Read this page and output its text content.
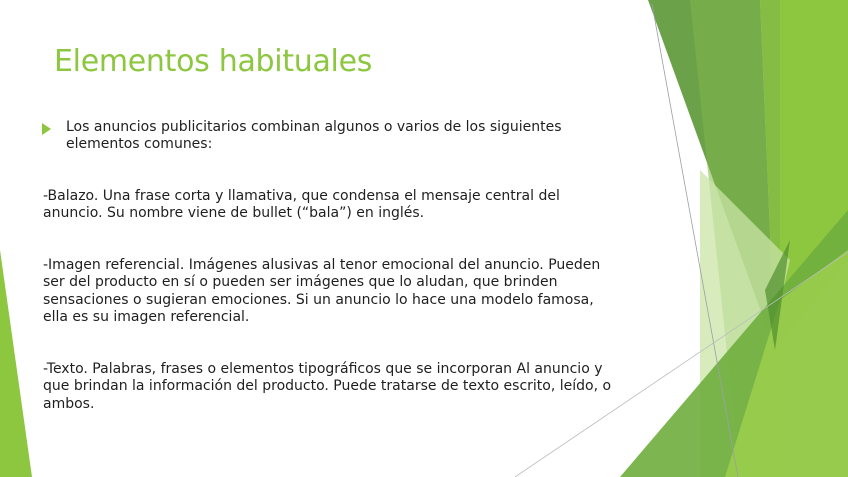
Elementos habituales
Los anuncios publicitarios combinan algunos o varios de los siguientes elementos comunes:

-Balazo. Una frase corta y llamativa, que condensa el mensaje central del anuncio. Su nombre viene de bullet (“bala”) en inglés.

-Imagen referencial. Imágenes alusivas al tenor emocional del anuncio. Pueden ser del producto en sí o pueden ser imágenes que lo aludan, que brinden sensaciones o sugieran emociones. Si un anuncio lo hace una modelo famosa, ella es su imagen referencial.

-Texto. Palabras, frases o elementos tipográficos que se incorporan Al anuncio y que brindan la información del producto. Puede tratarse de texto escrito, leído, o ambos.
